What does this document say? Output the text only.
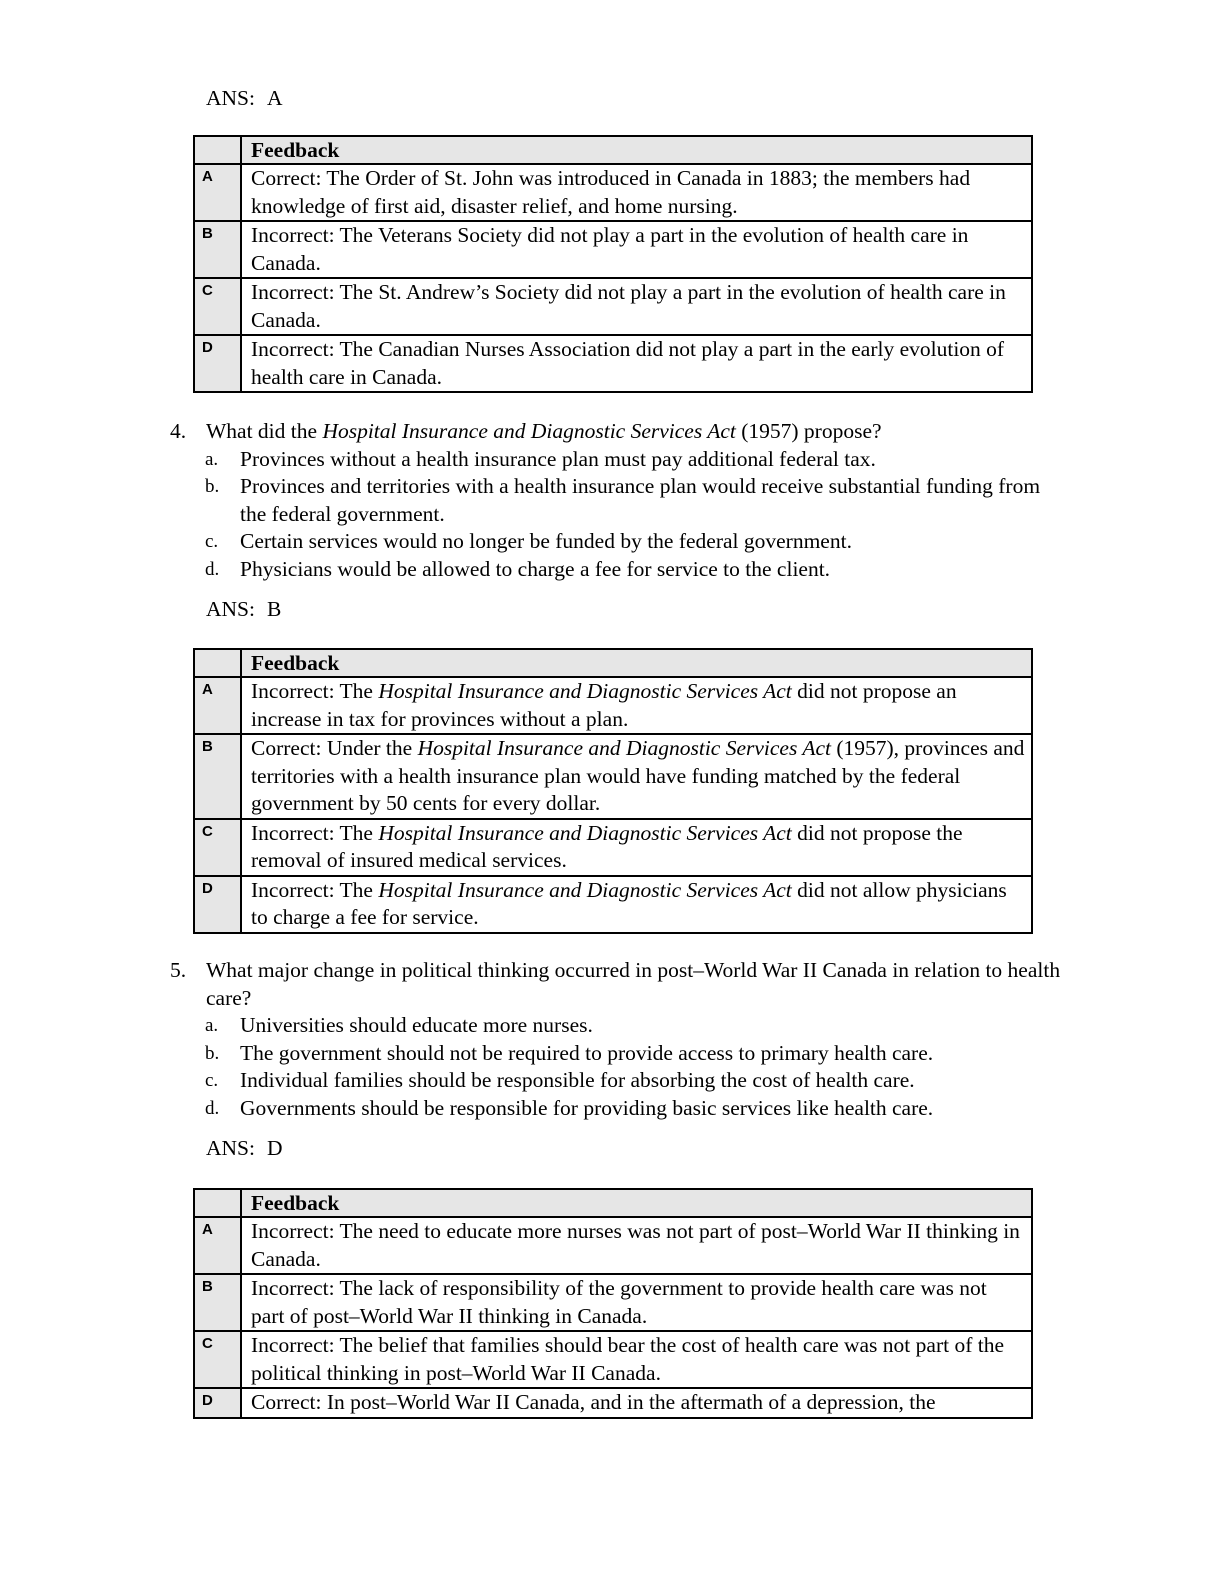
ANS: A
	Feedback
A	Correct: The Order of St. John was introduced in Canada in 1883; the members had knowledge of first aid, disaster relief, and home nursing.
B	Incorrect: The Veterans Society did not play a part in the evolution of health care in Canada.
C	Incorrect: The St. Andrew’s Society did not play a part in the evolution of health care in Canada.
D	Incorrect: The Canadian Nurses Association did not play a part in the early evolution of health care in Canada.
4. What did the Hospital Insurance and Diagnostic Services Act (1957) propose?
a. Provinces without a health insurance plan must pay additional federal tax.
b. Provinces and territories with a health insurance plan would receive substantial funding from the federal government.
c. Certain services would no longer be funded by the federal government.
d. Physicians would be allowed to charge a fee for service to the client.
ANS: B
	Feedback
A	Incorrect: The Hospital Insurance and Diagnostic Services Act did not propose an increase in tax for provinces without a plan.
B	Correct: Under the Hospital Insurance and Diagnostic Services Act (1957), provinces and territories with a health insurance plan would have funding matched by the federal government by 50 cents for every dollar.
C	Incorrect: The Hospital Insurance and Diagnostic Services Act did not propose the removal of insured medical services.
D	Incorrect: The Hospital Insurance and Diagnostic Services Act did not allow physicians to charge a fee for service.
5. What major change in political thinking occurred in post–World War II Canada in relation to health care?
a. Universities should educate more nurses.
b. The government should not be required to provide access to primary health care.
c. Individual families should be responsible for absorbing the cost of health care.
d. Governments should be responsible for providing basic services like health care.
ANS: D
	Feedback
A	Incorrect: The need to educate more nurses was not part of post–World War II thinking in Canada.
B	Incorrect: The lack of responsibility of the government to provide health care was not part of post–World War II thinking in Canada.
C	Incorrect: The belief that families should bear the cost of health care was not part of the political thinking in post–World War II Canada.
D	Correct: In post–World War II Canada, and in the aftermath of a depression, the
